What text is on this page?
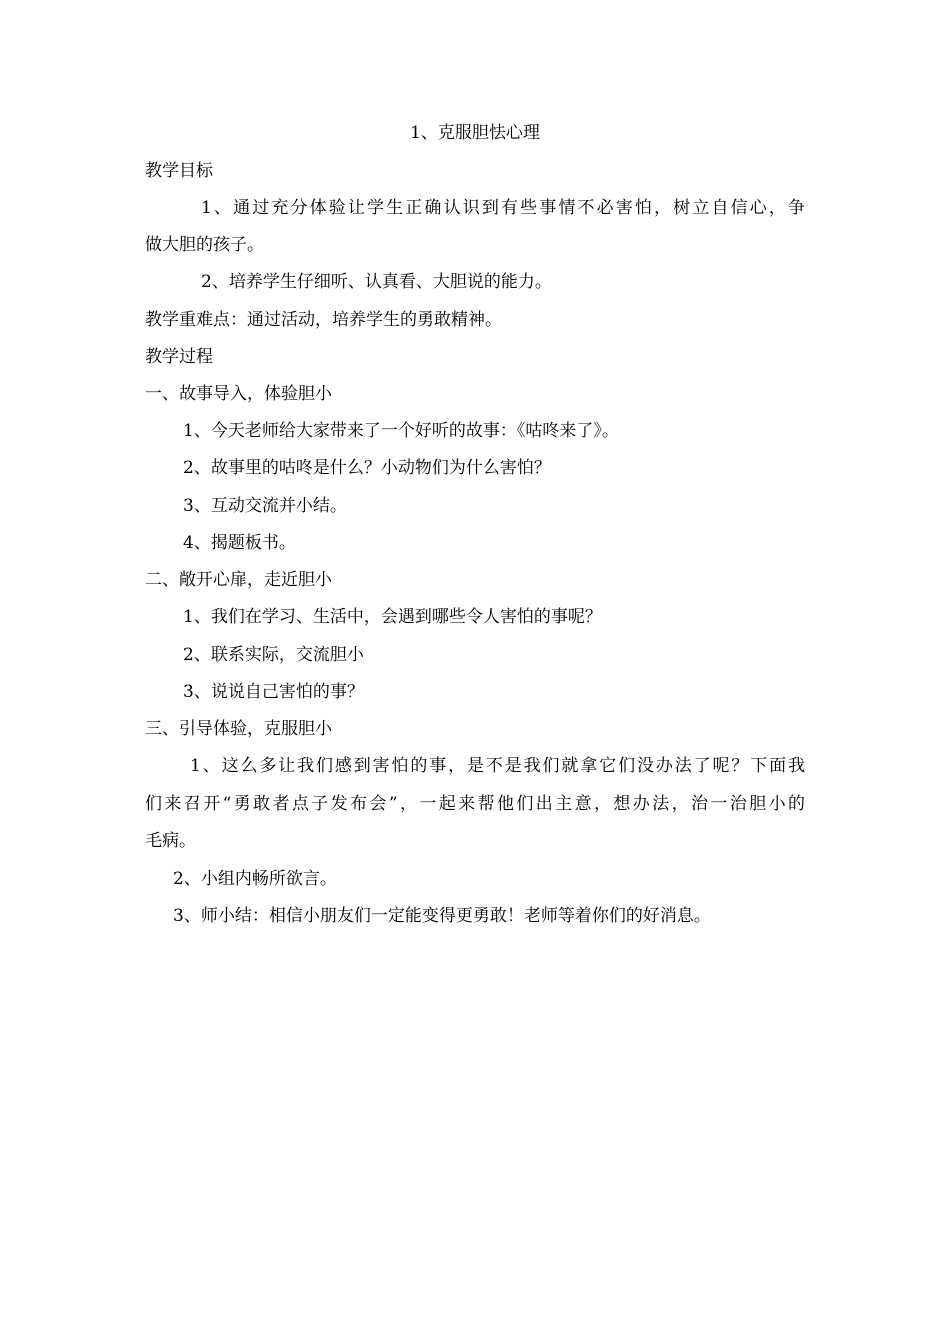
1、克服胆怯心理
教学目标
1、通过充分体验让学生正确认识到有些事情不必害怕，树立自信心，争
做大胆的孩子。
2、培养学生仔细听、认真看、大胆说的能力。
教学重难点：通过活动，培养学生的勇敢精神。
教学过程
一、故事导入，体验胆小
1、今天老师给大家带来了一个好听的故事：《咕咚来了》。
2、故事里的咕咚是什么？小动物们为什么害怕？
3、互动交流并小结。
4、揭题板书。
二、敞开心扉，走近胆小
1、我们在学习、生活中，会遇到哪些令人害怕的事呢？
2、联系实际，交流胆小
3、说说自己害怕的事？
三、引导体验，克服胆小
1、这么多让我们感到害怕的事，是不是我们就拿它们没办法了呢？下面我
们来召开“勇敢者点子发布会”，一起来帮他们出主意，想办法，治一治胆小的
毛病。
2、小组内畅所欲言。
3、师小结：相信小朋友们一定能变得更勇敢！老师等着你们的好消息。
